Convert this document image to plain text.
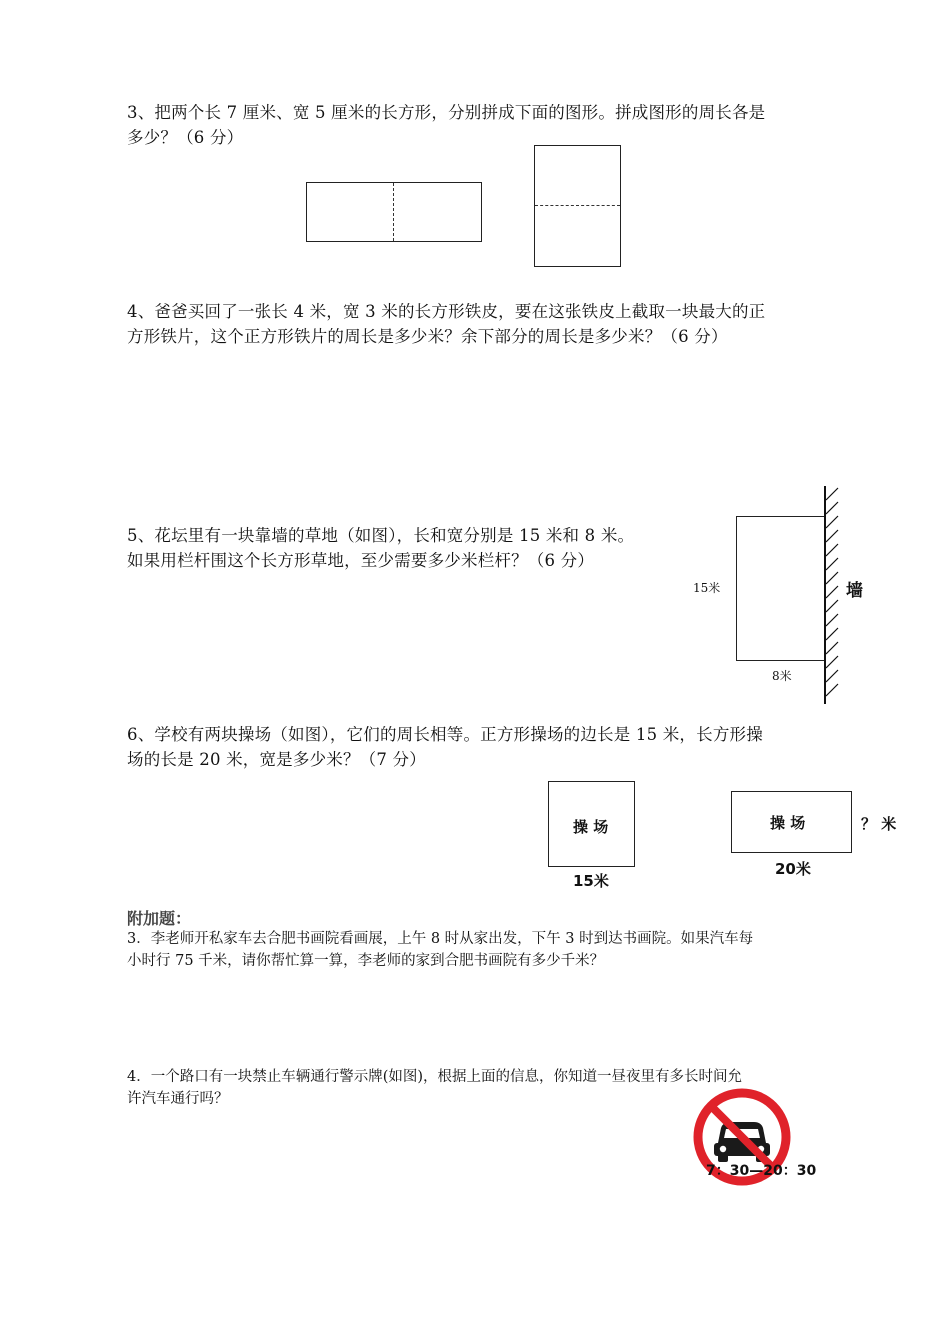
3、把两个长 7 厘米、宽 5 厘米的长方形，分别拼成下面的图形。拼成图形的周长各是
多少？（6 分）
4、爸爸买回了一张长 4 米，宽 3 米的长方形铁皮，要在这张铁皮上截取一块最大的正
方形铁片，这个正方形铁片的周长是多少米？余下部分的周长是多少米？（6 分）
5、花坛里有一块靠墙的草地（如图），长和宽分别是 15 米和 8 米。
如果用栏杆围这个长方形草地，至少需要多少米栏杆？（6 分）
15米
8米
墙
6、学校有两块操场（如图），它们的周长相等。正方形操场的边长是 15 米，长方形操
场的长是 20 米，宽是多少米？（7 分）
操 场
15米
操 场
20米
？ 米
附加题：
3．李老师开私家车去合肥书画院看画展，上午 8 时从家出发，下午 3 时到达书画院。如果汽车每
小时行 75 千米，请你帮忙算一算，李老师的家到合肥书画院有多少千米？
4．一个路口有一块禁止车辆通行警示牌(如图)，根据上面的信息，你知道一昼夜里有多长时间允
许汽车通行吗？
7：30—20：30
